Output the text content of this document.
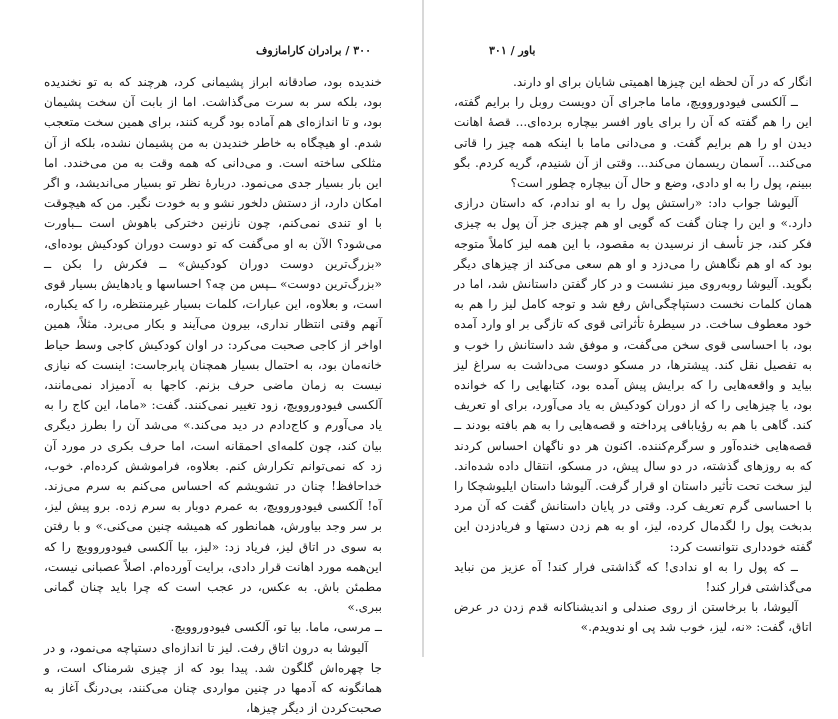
۳۰۰ / برادران کارامازوف

خندیده بود، صادقانه ابراز پشیمانی کرد، هرچند که به تو نخندیده بود، بلکه سر به سرت می‌گذاشت. اما از بابت آن سخت پشیمان بود، و تا اندازه‌ای هم آماده بود گریه کنند، برای همین سخت متعجب شدم. او هیچگاه به خاطر خندیدن به من پشیمان نشده، بلکه از آن مثلکی ساخته است. و می‌دانی که همه وقت به من می‌خندد. اما این بار بسیار جدی می‌نمود. دربارهٔ نظر تو بسیار می‌اندیشد، و اگر امکان دارد، از دستش دلخور نشو و به خودت نگیر. من که هیچوقت با او تندی نمی‌کنم، چون نازنین دخترکی باهوش است ــباورت می‌شود؟ الآن به او می‌گفت که تو دوست دوران کودکیش بوده‌ای، «بزرگ‌ترین دوست دوران کودکیش» ــ فکرش را بکن ــ «بزرگ‌ترین دوست» ــپس من چه؟ احساسها و یادهایش بسیار قوی است، و بعلاوه، این عبارات، کلمات بسیار غیرمنتظره، را که یکباره، آنهم وقتی انتظار نداری، بیرون می‌آیند و بکار می‌برد. مثلاً، همین اواخر از کاجی صحبت می‌کرد: در اوان کودکیش کاجی وسط حیاط خانه‌مان بود، به احتمال بسیار همچنان پابرجاست: اینست که نیازی نیست به زمان ماضی حرف بزنم. کاجها به آدمیزاد نمی‌مانند، آلکسی فیودوروویچ، زود تغییر نمی‌کنند. گفت: «ماما، این کاج را به یاد می‌آورم و کاج‌دادم در دید می‌کند.» می‌شد آن را بطرز دیگری بیان کند، چون کلمه‌ای احمقانه است، اما حرف بکری در مورد آن زد که نمی‌توانم تکرارش کنم. بعلاوه، فراموشش کرده‌ام. خوب، خداحافظ! چنان در تشویشم که احساس می‌کنم به سرم می‌زند. آه! آلکسی فیودوروویچ، به عمرم دوبار به سرم زده. برو پیش لیز، بر سر وجد بیاورش، همانطور که همیشه چنین می‌کنی.» و با رفتن به سوی در اتاق لیز، فریاد زد: «لیز، بیا آلکسی فیودوروویچ را که این‌همه مورد اهانت قرار دادی، برایت آورده‌ام. اصلاً عصبانی نیست، مطمئن باش. به عکس، در عجب است که چرا باید چنان گمانی ببری.»

ــ مرسی، ماما. بیا تو، آلکسی فیودوروویچ.

آلیوشا به درون اتاق رفت. لیز تا اندازه‌ای دستپاچه می‌نمود، و در جا چهره‌اش گلگون شد. پیدا بود که از چیزی شرمناک است، و همانگونه که آدمها در چنین مواردی چنان می‌کنند، بی‌درنگ آغاز به صحبت‌کردن از دیگر چیزها،

باور / ۳۰۱

انگار که در آن لحظه این چیزها اهمیتی شایان برای او دارند.

ــ آلکسی فیودوروویچ، ماما ماجرای آن دویست روبل را برایم گفته، این را هم گفته که آن را برای یاور افسر بیچاره برده‌ای... قصهٔ اهانت دیدن او را هم برایم گفت. و می‌دانی ماما با اینکه همه چیز را قاتی می‌کند... آسمان ریسمان می‌کند... وقتی از آن شنیدم، گریه کردم. بگو ببینم، پول را به او دادی، وضع و حال آن بیچاره چطور است؟

آلیوشا جواب داد: «راستش پول را به او ندادم، که داستان درازی دارد.» و این را چنان گفت که گویی او هم چیزی جز آن پول به چیزی فکر کند، جز تأسف از نرسیدن به مقصود، با این همه لیز کاملاً متوجه بود که او هم نگاهش را می‌دزد و او هم سعی می‌کند از چیزهای دیگر بگوید. آلیوشا روبه‌روی میز نشست و در کار گفتن داستانش شد، اما در همان کلمات نخست دستپاچگی‌اش رفع شد و توجه کامل لیز را هم به خود معطوف ساخت. در سیطرهٔ تأثراتی قوی که تازگی بر او وارد آمده بود، با احساسی قوی سخن می‌گفت، و موفق شد داستانش را خوب و به تفصیل نقل کند. پیشترها، در مسکو دوست می‌داشت به سراغ لیز بیاید و واقعه‌هایی را که برایش پیش آمده بود، کتابهایی را که خوانده بود، یا چیزهایی را که از دوران کودکیش به یاد می‌آورد، برای او تعریف کند. گاهی با هم به رؤیابافی پرداخته و قصه‌هایی را به هم بافته بودند ــ قصه‌هایی خنده‌آور و سرگرم‌کننده. اکنون هر دو ناگهان احساس کردند که به روزهای گذشته، در دو سال پیش، در مسکو، انتقال داده شده‌اند. لیز سخت تحت تأثیر داستان او قرار گرفت. آلیوشا داستان ایلیوشچکا را با احساسی گرم تعریف کرد. وقتی در پایان داستانش گفت که آن مرد بدبخت پول را لگدمال کرده، لیز، او به هم زدن دستها و فریادزدن این گفته خودداری نتوانست کرد:

ــ که پول را به او ندادی! که گذاشتی فرار کند! آه عزیز من نباید می‌گذاشتی فرار کند!

آلیوشا، با برخاستن از روی صندلی و اندیشناکانه قدم زدن در عرض اتاق، گفت: «نه، لیز، خوب شد پی او ندویدم.»
